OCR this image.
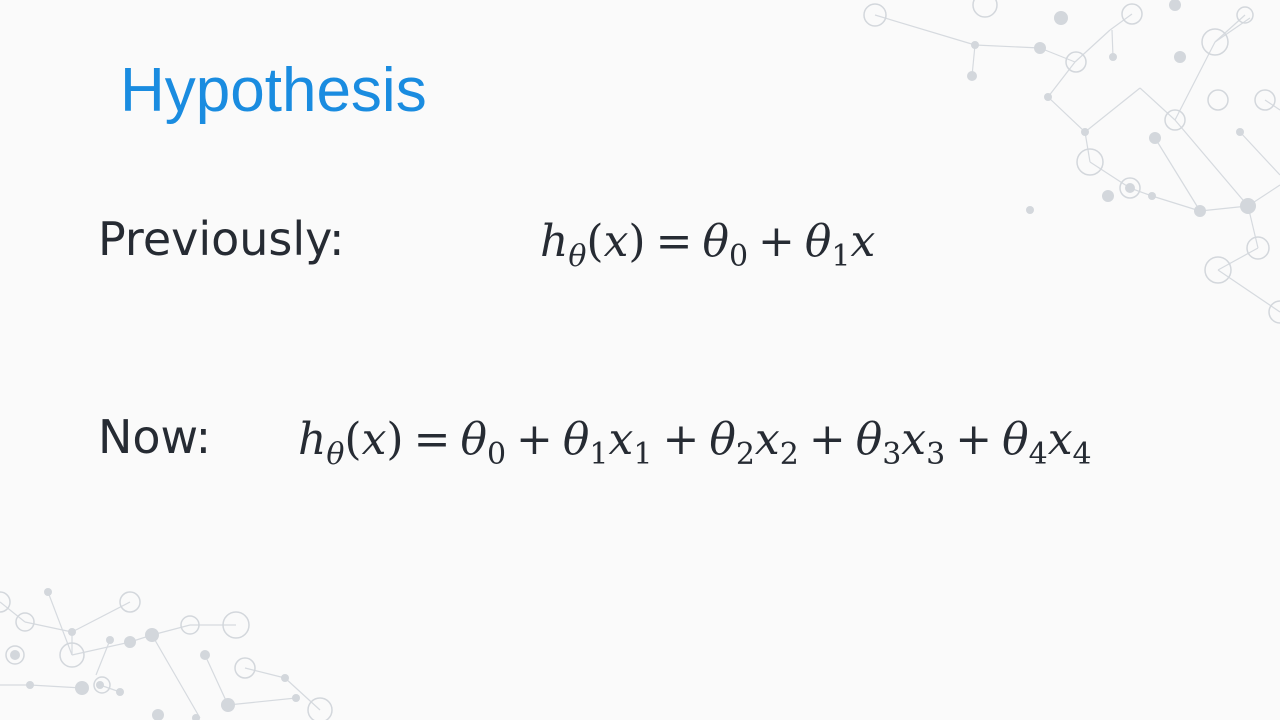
Hypothesis
Previously:	$h_\theta(x) = \theta_0 + \theta_1x$
Now: $h_\theta(x) = \theta_0 + \theta_1x_1 + \theta_2x_2 + \theta_3x_3 + \theta_4x_4$
